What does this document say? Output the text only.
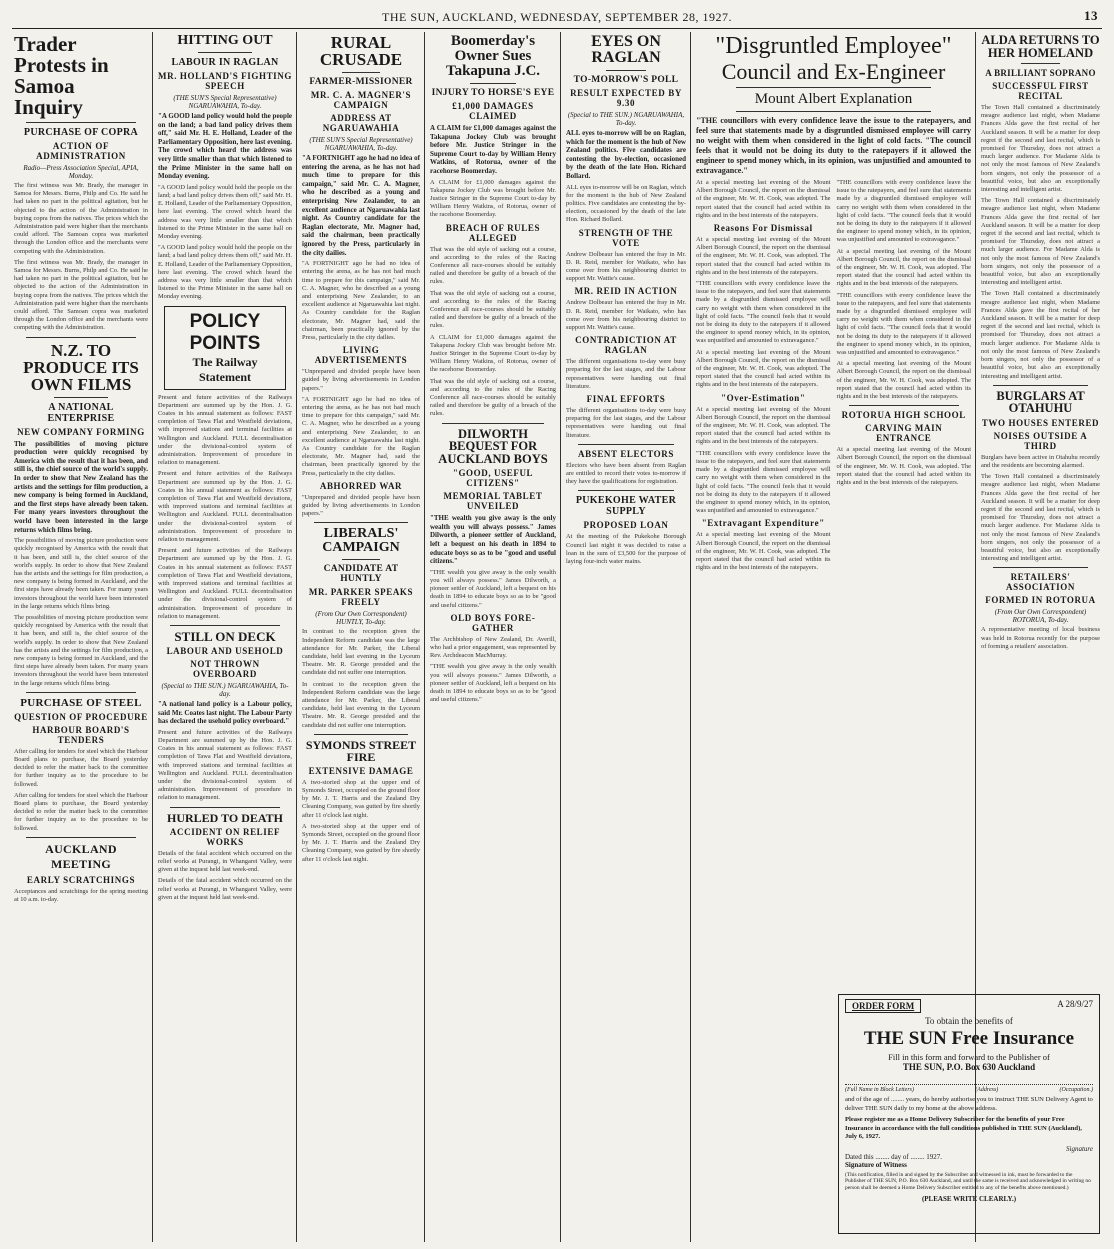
THE SUN, AUCKLAND, WEDNESDAY, SEPTEMBER 28, 1927.	13
Trader Protests in Samoa Inquiry
PURCHASE OF COPRA
ACTION OF ADMINISTRATION
Radio—Press Association Special, APIA, Monday.

The first witness was Mr. Brady, the manager in Samoa for Messrs. Burns, Philp and Co. He said he had taken no part in the political agitation, but he objected to the action of the Administration in buying copra from the natives. The prices which the Administration paid were higher than the merchants could afford. The Samoan copra was marketed through the London office and the merchants were competing with the Administration.

The first witness was Mr. Brady, the manager in Samoa for Messrs. Burns, Philp and Co. He said he had taken no part in the political agitation, but he objected to the action of the Administration in buying copra from the natives. The prices which the Administration paid were higher than the merchants could afford. The Samoan copra was marketed through the London office and the merchants were competing with the Administration.

N.Z. TO PRODUCE ITS OWN FILMS
A NATIONAL ENTERPRISE
NEW COMPANY FORMING

The possibilities of moving picture production were quickly recognised by America with the result that it has been, and still is, the chief source of the world's supply. In order to show that New Zealand has the artists and the settings for film production, a new company is being formed in Auckland, and the first steps have already been taken. For many years investors throughout the world have been interested in the large returns which films bring.

The possibilities of moving picture production were quickly recognised by America with the result that it has been, and still is, the chief source of the world's supply. In order to show that New Zealand has the artists and the settings for film production, a new company is being formed in Auckland, and the first steps have already been taken. For many years investors throughout the world have been interested in the large returns which films bring.

The possibilities of moving picture production were quickly recognised by America with the result that it has been, and still is, the chief source of the world's supply. In order to show that New Zealand has the artists and the settings for film production, a new company is being formed in Auckland, and the first steps have already been taken. For many years investors throughout the world have been interested in the large returns which films bring.

PURCHASE OF STEEL
QUESTION OF PROCEDURE
HARBOUR BOARD'S TENDERS

After calling for tenders for steel which the Harbour Board plans to purchase, the Board yesterday decided to refer the matter back to the committee for further inquiry as to the procedure to be followed.

After calling for tenders for steel which the Harbour Board plans to purchase, the Board yesterday decided to refer the matter back to the committee for further inquiry as to the procedure to be followed.

AUCKLAND MEETING
EARLY SCRATCHINGS

Acceptances and scratchings for the spring meeting at 10 a.m. to-day.

HITTING OUT
LABOUR IN RAGLAN
MR. HOLLAND'S FIGHTING SPEECH
(THE SUN'S Special Representative) NGARUAWAHIA, To-day.

"A GOOD land policy would hold the people on the land; a bad land policy drives them off," said Mr. H. E. Holland, Leader of the Parliamentary Opposition, here last evening. The crowd which heard the address was very little smaller than that which listened to the Prime Minister in the same hall on Monday evening.

"A GOOD land policy would hold the people on the land; a bad land policy drives them off," said Mr. H. E. Holland, Leader of the Parliamentary Opposition, here last evening. The crowd which heard the address was very little smaller than that which listened to the Prime Minister in the same hall on Monday evening.

"A GOOD land policy would hold the people on the land; a bad land policy drives them off," said Mr. H. E. Holland, Leader of the Parliamentary Opposition, here last evening. The crowd which heard the address was very little smaller than that which listened to the Prime Minister in the same hall on Monday evening.

POLICY POINTS
The Railway Statement

Present and future activities of the Railways Department are summed up by the Hon. J. G. Coates in his annual statement as follows: FAST completion of Tawa Flat and Westfield deviations, with improved stations and terminal facilities at Wellington and Auckland. FULL decentralisation under the divisional-control system of administration. Improvement of procedure in relation to management.

Present and future activities of the Railways Department are summed up by the Hon. J. G. Coates in his annual statement as follows: FAST completion of Tawa Flat and Westfield deviations, with improved stations and terminal facilities at Wellington and Auckland. FULL decentralisation under the divisional-control system of administration. Improvement of procedure in relation to management.

Present and future activities of the Railways Department are summed up by the Hon. J. G. Coates in his annual statement as follows: FAST completion of Tawa Flat and Westfield deviations, with improved stations and terminal facilities at Wellington and Auckland. FULL decentralisation under the divisional-control system of administration. Improvement of procedure in relation to management.

STILL ON DECK
LABOUR AND USEHOLD
NOT THROWN OVERBOARD
(Special to THE SUN.) NGARUAWAHIA, To-day.

"A national land policy is a Labour policy, said Mr. Coates last night. The Labour Party has declared the usehold policy overboard."

Present and future activities of the Railways Department are summed up by the Hon. J. G. Coates in his annual statement as follows: FAST completion of Tawa Flat and Westfield deviations, with improved stations and terminal facilities at Wellington and Auckland. FULL decentralisation under the divisional-control system of administration. Improvement of procedure in relation to management.

HURLED TO DEATH
ACCIDENT ON RELIEF WORKS

Details of the fatal accident which occurred on the relief works at Purangi, in Whangarei Valley, were given at the inquest held last week-end.

Details of the fatal accident which occurred on the relief works at Purangi, in Whangarei Valley, were given at the inquest held last week-end.

RURAL CRUSADE
FARMER-MISSIONER
MR. C. A. MAGNER'S CAMPAIGN
ADDRESS AT NGARUAWAHIA
(THE SUN'S Special Representative) NGARUAWAHIA, To-day.

"A FORTNIGHT ago he had no idea of entering the arena, as he has not had much time to prepare for this campaign," said Mr. C. A. Magner, who he described as a young and enterprising New Zealander, to an excellent audience at Ngaruawahia last night. As Country candidate for the Raglan electorate, Mr. Magner had, said the chairman, been practically ignored by the Press, particularly in the city dailies.

"A FORTNIGHT ago he had no idea of entering the arena, as he has not had much time to prepare for this campaign," said Mr. C. A. Magner, who he described as a young and enterprising New Zealander, to an excellent audience at Ngaruawahia last night. As Country candidate for the Raglan electorate, Mr. Magner had, said the chairman, been practically ignored by the Press, particularly in the city dailies.

LIVING ADVERTISEMENTS

"Unprepared and divided people have been guided by living advertisements in London papers."

"A FORTNIGHT ago he had no idea of entering the arena, as he has not had much time to prepare for this campaign," said Mr. C. A. Magner, who he described as a young and enterprising New Zealander, to an excellent audience at Ngaruawahia last night. As Country candidate for the Raglan electorate, Mr. Magner had, said the chairman, been practically ignored by the Press, particularly in the city dailies.

ABHORRED WAR

"Unprepared and divided people have been guided by living advertisements in London papers."

LIBERALS' CAMPAIGN
CANDIDATE AT HUNTLY
MR. PARKER SPEAKS FREELY
(From Our Own Correspondent) HUNTLY, To-day.

In contrast to the reception given the Independent Reform candidate was the large attendance for Mr. Parker, the Liberal candidate, held last evening in the Lyceum Theatre. Mr. R. George presided and the candidate did not suffer one interruption.

In contrast to the reception given the Independent Reform candidate was the large attendance for Mr. Parker, the Liberal candidate, held last evening in the Lyceum Theatre. Mr. R. George presided and the candidate did not suffer one interruption.

SYMONDS STREET FIRE
EXTENSIVE DAMAGE

A two-storied shop at the upper end of Symonds Street, occupied on the ground floor by Mr. J. T. Harris and the Zealand Dry Cleaning Company, was gutted by fire shortly after 11 o'clock last night.

A two-storied shop at the upper end of Symonds Street, occupied on the ground floor by Mr. J. T. Harris and the Zealand Dry Cleaning Company, was gutted by fire shortly after 11 o'clock last night.

Boomerday's Owner Sues Takapuna J.C.
INJURY TO HORSE'S EYE
£1,000 DAMAGES CLAIMED

A CLAIM for £1,000 damages against the Takapuna Jockey Club was brought before Mr. Justice Stringer in the Supreme Court to-day by William Henry Watkins, of Rotorua, owner of the racehorse Boomerday.

A CLAIM for £1,000 damages against the Takapuna Jockey Club was brought before Mr. Justice Stringer in the Supreme Court to-day by William Henry Watkins, of Rotorua, owner of the racehorse Boomerday.

BREACH OF RULES ALLEGED

That was the old style of sacking out a course, and according to the rules of the Racing Conference all race-courses should be suitably railed and therefore be guilty of a breach of the rules.

That was the old style of sacking out a course, and according to the rules of the Racing Conference all race-courses should be suitably railed and therefore be guilty of a breach of the rules.

A CLAIM for £1,000 damages against the Takapuna Jockey Club was brought before Mr. Justice Stringer in the Supreme Court to-day by William Henry Watkins, of Rotorua, owner of the racehorse Boomerday.

That was the old style of sacking out a course, and according to the rules of the Racing Conference all race-courses should be suitably railed and therefore be guilty of a breach of the rules.

DILWORTH BEQUEST FOR AUCKLAND BOYS
"GOOD, USEFUL CITIZENS"
MEMORIAL TABLET UNVEILED

"THE wealth you give away is the only wealth you will always possess." James Dilworth, a pioneer settler of Auckland, left a bequest on his death in 1894 to educate boys so as to be "good and useful citizens."

"THE wealth you give away is the only wealth you will always possess." James Dilworth, a pioneer settler of Auckland, left a bequest on his death in 1894 to educate boys so as to be "good and useful citizens."

OLD BOYS FORE-GATHER

The Archbishop of New Zealand, Dr. Averill, who had a prior engagement, was represented by Rev. Archdeacon MacMurray.

"THE wealth you give away is the only wealth you will always possess." James Dilworth, a pioneer settler of Auckland, left a bequest on his death in 1894 to educate boys so as to be "good and useful citizens."

EYES ON RAGLAN
TO-MORROW'S POLL
RESULT EXPECTED BY 9.30
(Special to THE SUN.) NGARUAWAHIA, To-day.

ALL eyes to-morrow will be on Raglan, which for the moment is the hub of New Zealand politics. Five candidates are contesting the by-election, occasioned by the death of the late Hon. Richard Bollard.

ALL eyes to-morrow will be on Raglan, which for the moment is the hub of New Zealand politics. Five candidates are contesting the by-election, occasioned by the death of the late Hon. Richard Bollard.

STRENGTH OF THE VOTE

Andrew Dolbeaur has entered the fray in Mr. D. R. Reid, member for Waikato, who has come over from his neighbouring district to support Mr. Wattie's cause.

MR. REID IN ACTION

Andrew Dolbeaur has entered the fray in Mr. D. R. Reid, member for Waikato, who has come over from his neighbouring district to support Mr. Wattie's cause.

CONTRADICTION AT RAGLAN

The different organisations to-day were busy preparing for the last stages, and the Labour representatives were handing out final literature.

FINAL EFFORTS

The different organisations to-day were busy preparing for the last stages, and the Labour representatives were handing out final literature.

ABSENT ELECTORS

Electors who have been absent from Raglan are entitled to record their votes to-morrow if they have the qualifications for registration.

PUKEKOHE WATER SUPPLY
PROPOSED LOAN

At the meeting of the Pukekohe Borough Council last night it was decided to raise a loan in the sum of £3,500 for the purpose of laying four-inch water mains.

"Disgruntled Employee"
Council and Ex-Engineer
Mount Albert Explanation

"THE councillors with every confidence leave the issue to the ratepayers, and feel sure that statements made by a disgruntled dismissed employee will carry no weight with them when considered in the light of cold facts. "The council feels that it would not be doing its duty to the ratepayers if it allowed the engineer to spend money which, in its opinion, was unjustified and amounted to extravagance."

At a special meeting last evening of the Mount Albert Borough Council, the report on the dismissal of the engineer, Mr. W. H. Cook, was adopted. The report stated that the council had acted within its rights and in the best interests of the ratepayers.

Reasons For Dismissal

At a special meeting last evening of the Mount Albert Borough Council, the report on the dismissal of the engineer, Mr. W. H. Cook, was adopted. The report stated that the council had acted within its rights and in the best interests of the ratepayers.

"THE councillors with every confidence leave the issue to the ratepayers, and feel sure that statements made by a disgruntled dismissed employee will carry no weight with them when considered in the light of cold facts. "The council feels that it would not be doing its duty to the ratepayers if it allowed the engineer to spend money which, in its opinion, was unjustified and amounted to extravagance."

At a special meeting last evening of the Mount Albert Borough Council, the report on the dismissal of the engineer, Mr. W. H. Cook, was adopted. The report stated that the council had acted within its rights and in the best interests of the ratepayers.

"Over-Estimation"

At a special meeting last evening of the Mount Albert Borough Council, the report on the dismissal of the engineer, Mr. W. H. Cook, was adopted. The report stated that the council had acted within its rights and in the best interests of the ratepayers.

"THE councillors with every confidence leave the issue to the ratepayers, and feel sure that statements made by a disgruntled dismissed employee will carry no weight with them when considered in the light of cold facts. "The council feels that it would not be doing its duty to the ratepayers if it allowed the engineer to spend money which, in its opinion, was unjustified and amounted to extravagance."

"Extravagant Expenditure"

At a special meeting last evening of the Mount Albert Borough Council, the report on the dismissal of the engineer, Mr. W. H. Cook, was adopted. The report stated that the council had acted within its rights and in the best interests of the ratepayers.

"THE councillors with every confidence leave the issue to the ratepayers, and feel sure that statements made by a disgruntled dismissed employee will carry no weight with them when considered in the light of cold facts. "The council feels that it would not be doing its duty to the ratepayers if it allowed the engineer to spend money which, in its opinion, was unjustified and amounted to extravagance."

At a special meeting last evening of the Mount Albert Borough Council, the report on the dismissal of the engineer, Mr. W. H. Cook, was adopted. The report stated that the council had acted within its rights and in the best interests of the ratepayers.

"THE councillors with every confidence leave the issue to the ratepayers, and feel sure that statements made by a disgruntled dismissed employee will carry no weight with them when considered in the light of cold facts. "The council feels that it would not be doing its duty to the ratepayers if it allowed the engineer to spend money which, in its opinion, was unjustified and amounted to extravagance."

At a special meeting last evening of the Mount Albert Borough Council, the report on the dismissal of the engineer, Mr. W. H. Cook, was adopted. The report stated that the council had acted within its rights and in the best interests of the ratepayers.

ROTORUA HIGH SCHOOL
CARVING MAIN ENTRANCE

At a special meeting last evening of the Mount Albert Borough Council, the report on the dismissal of the engineer, Mr. W. H. Cook, was adopted. The report stated that the council had acted within its rights and in the best interests of the ratepayers.

ALDA RETURNS TO HER HOMELAND
A BRILLIANT SOPRANO
SUCCESSFUL FIRST RECITAL

The Town Hall contained a discriminately meagre audience last night, when Madame Frances Alda gave the first recital of her Auckland season. It will be a matter for deep regret if the second and last recital, which is promised for Thursday, does not attract a much larger audience. For Madame Alda is not only the most famous of New Zealand's born singers, not only the possessor of a beautiful voice, but also an exceptionally interesting and intelligent artist.

The Town Hall contained a discriminately meagre audience last night, when Madame Frances Alda gave the first recital of her Auckland season. It will be a matter for deep regret if the second and last recital, which is promised for Thursday, does not attract a much larger audience. For Madame Alda is not only the most famous of New Zealand's born singers, not only the possessor of a beautiful voice, but also an exceptionally interesting and intelligent artist.

The Town Hall contained a discriminately meagre audience last night, when Madame Frances Alda gave the first recital of her Auckland season. It will be a matter for deep regret if the second and last recital, which is promised for Thursday, does not attract a much larger audience. For Madame Alda is not only the most famous of New Zealand's born singers, not only the possessor of a beautiful voice, but also an exceptionally interesting and intelligent artist.

BURGLARS AT OTAHUHU
TWO HOUSES ENTERED
NOISES OUTSIDE A THIRD

Burglars have been active in Otahuhu recently and the residents are becoming alarmed.

The Town Hall contained a discriminately meagre audience last night, when Madame Frances Alda gave the first recital of her Auckland season. It will be a matter for deep regret if the second and last recital, which is promised for Thursday, does not attract a much larger audience. For Madame Alda is not only the most famous of New Zealand's born singers, not only the possessor of a beautiful voice, but also an exceptionally interesting and intelligent artist.

RETAILERS' ASSOCIATION
FORMED IN ROTORUA
(From Our Own Correspondent) ROTORUA, To-day.

A representative meeting of local business was held in Rotorua recently for the purpose of forming a retailers' association.

ORDER FORM	A 28/9/27
To obtain the benefits of
THE SUN Free Insurance
Fill in this form and forward to the Publisher of
THE SUN, P.O. Box 630 Auckland
(Full Name in Block Letters)	(Address)	(Occupation.)
and of the age of ........ years, do hereby authorise you to instruct THE SUN Delivery Agent to deliver THE SUN daily to my home at the above address.
Please register me as a Home Delivery Subscriber for the benefits of your Free Insurance in accordance with the full conditions published in THE SUN (Auckland), July 6, 1927.
Signature
Dated this ........ day of ........ 1927.
Signature of Witness
(This notification, filled in and signed by the Subscriber and witnessed in ink, must be forwarded to the Publisher of THE SUN, P.O. Box 630 Auckland, and until the same is received and acknowledged in writing no person shall be deemed a Home Delivery Subscriber entitled to any of the benefits above mentioned.)
(PLEASE WRITE CLEARLY.)
